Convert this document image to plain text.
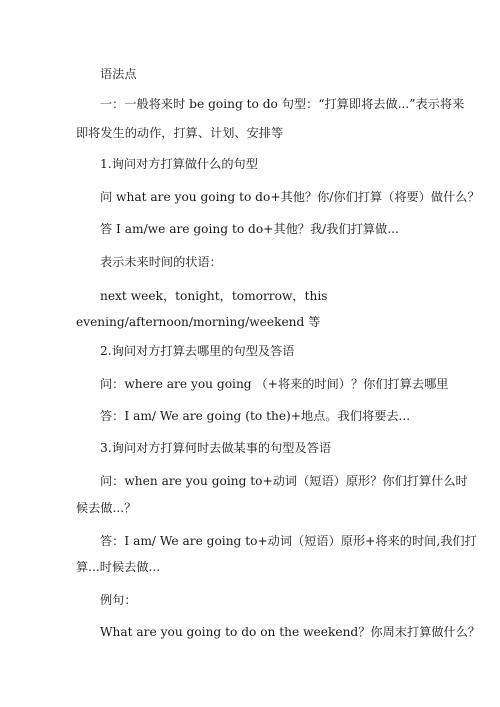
语法点
一：一般将来时 be going to do 句型：“打算即将去做...”表示将来
即将发生的动作，打算、计划、安排等
1.询问对方打算做什么的句型
问 what are you going to do+其他？你/你们打算（将要）做什么？
答 I am/we are going to do+其他？我/我们打算做...
表示未来时间的状语：
next week，tonight，tomorrow，this
evening/afternoon/morning/weekend 等
2.询问对方打算去哪里的句型及答语
问：where are you going （+将来的时间）？你们打算去哪里
答：I am/ We are going (to the)+地点。我们将要去...
3.询问对方打算何时去做某事的句型及答语
问：when are you going to+动词（短语）原形？你们打算什么时
候去做...？
答：I am/ We are going to+动词（短语）原形+将来的时间,我们打
算...时候去做...
例句：
What are you going to do on the weekend？你周末打算做什么？
